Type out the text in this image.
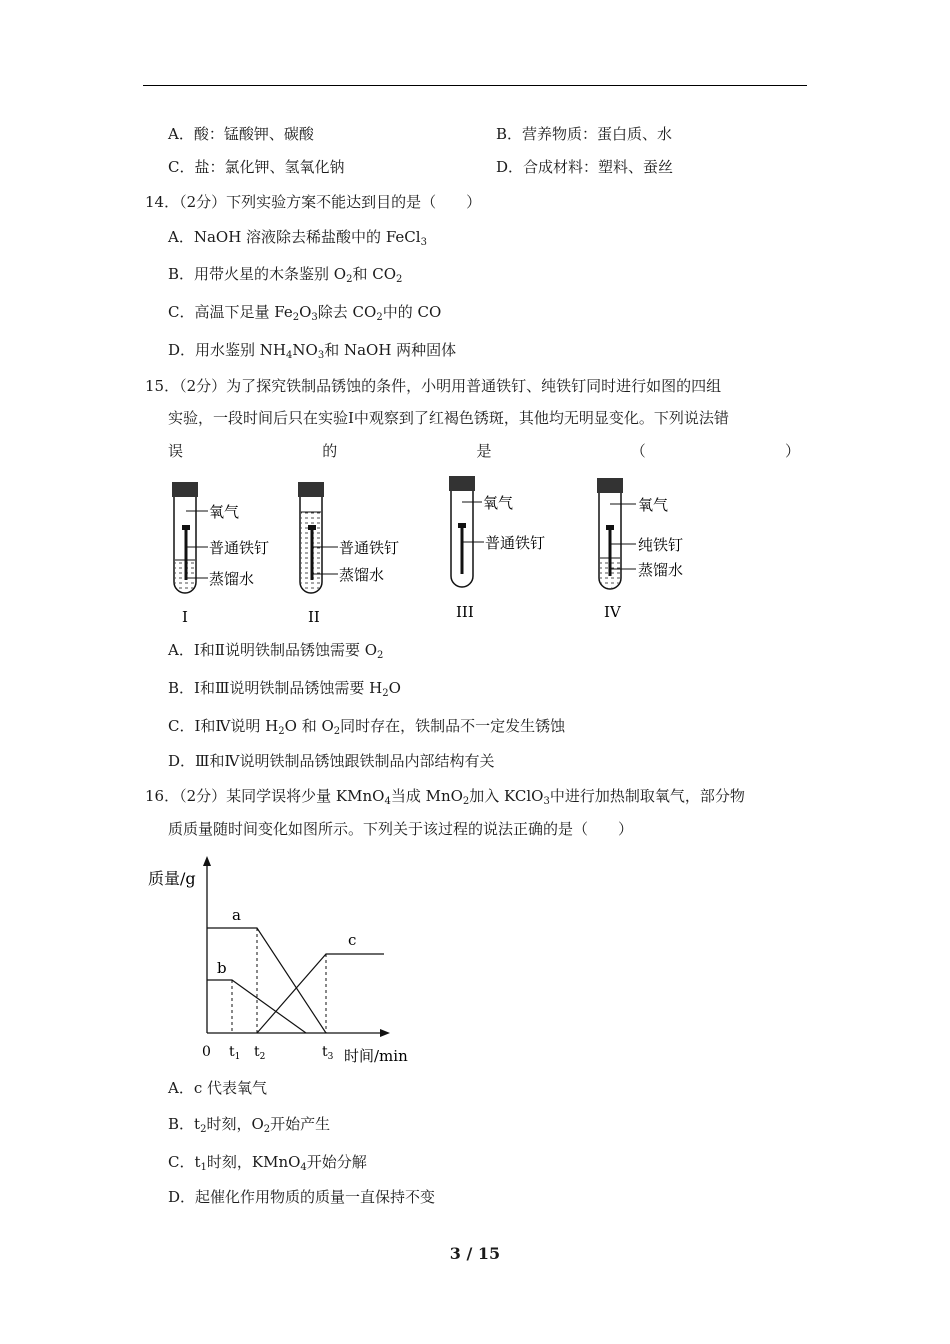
A．酸：锰酸钾、碳酸	B．营养物质：蛋白质、水
C．盐：氯化钾、氢氧化钠	D．合成材料：塑料、蚕丝
14．（2分）下列实验方案不能达到目的是（　　）
A．NaOH 溶液除去稀盐酸中的 FeCl$_3$
B．用带火星的木条鉴别 $O_2$和 $CO_2$
C．高温下足量 $Fe_2O_3$除去 $CO_2$中的 CO
D．用水鉴别 $NH_4NO_3$和 NaOH 两种固体
15．（2分）为了探究铁制品锈蚀的条件，小明用普通铁钉、纯铁钉同时进行如图的四组
实验，一段时间后只在实验Ⅰ中观察到了红褐色锈斑，其他均无明显变化。下列说法错
误	的	是	（	）
氧气
普通铁钉
蒸馏水
I
普通铁钉
蒸馏水
II
氧气
普通铁钉
III
氧气
纯铁钉
蒸馏水
IV
A．Ⅰ和Ⅱ说明铁制品锈蚀需要 $O_2$
B．Ⅰ和Ⅲ说明铁制品锈蚀需要 $H_2O$
C．Ⅰ和Ⅳ说明 $H_2O$ 和 $O_2$同时存在，铁制品不一定发生锈蚀
D．Ⅲ和Ⅳ说明铁制品锈蚀跟铁制品内部结构有关
16．（2分）某同学误将少量 KMnO$_4$当成 MnO$_2$加入 KClO$_3$中进行加热制取氧气，部分物
质质量随时间变化如图所示。下列关于该过程的说法正确的是（　　）
质量/g
时间/min
0 $t_1$ $t_2$	$t_3$
a
b
c
A．c 代表氧气
B．$t_2$时刻，$O_2$开始产生
C．$t_1$时刻，KMnO$_4$开始分解
D．起催化作用物质的质量一直保持不变
3 / 15
